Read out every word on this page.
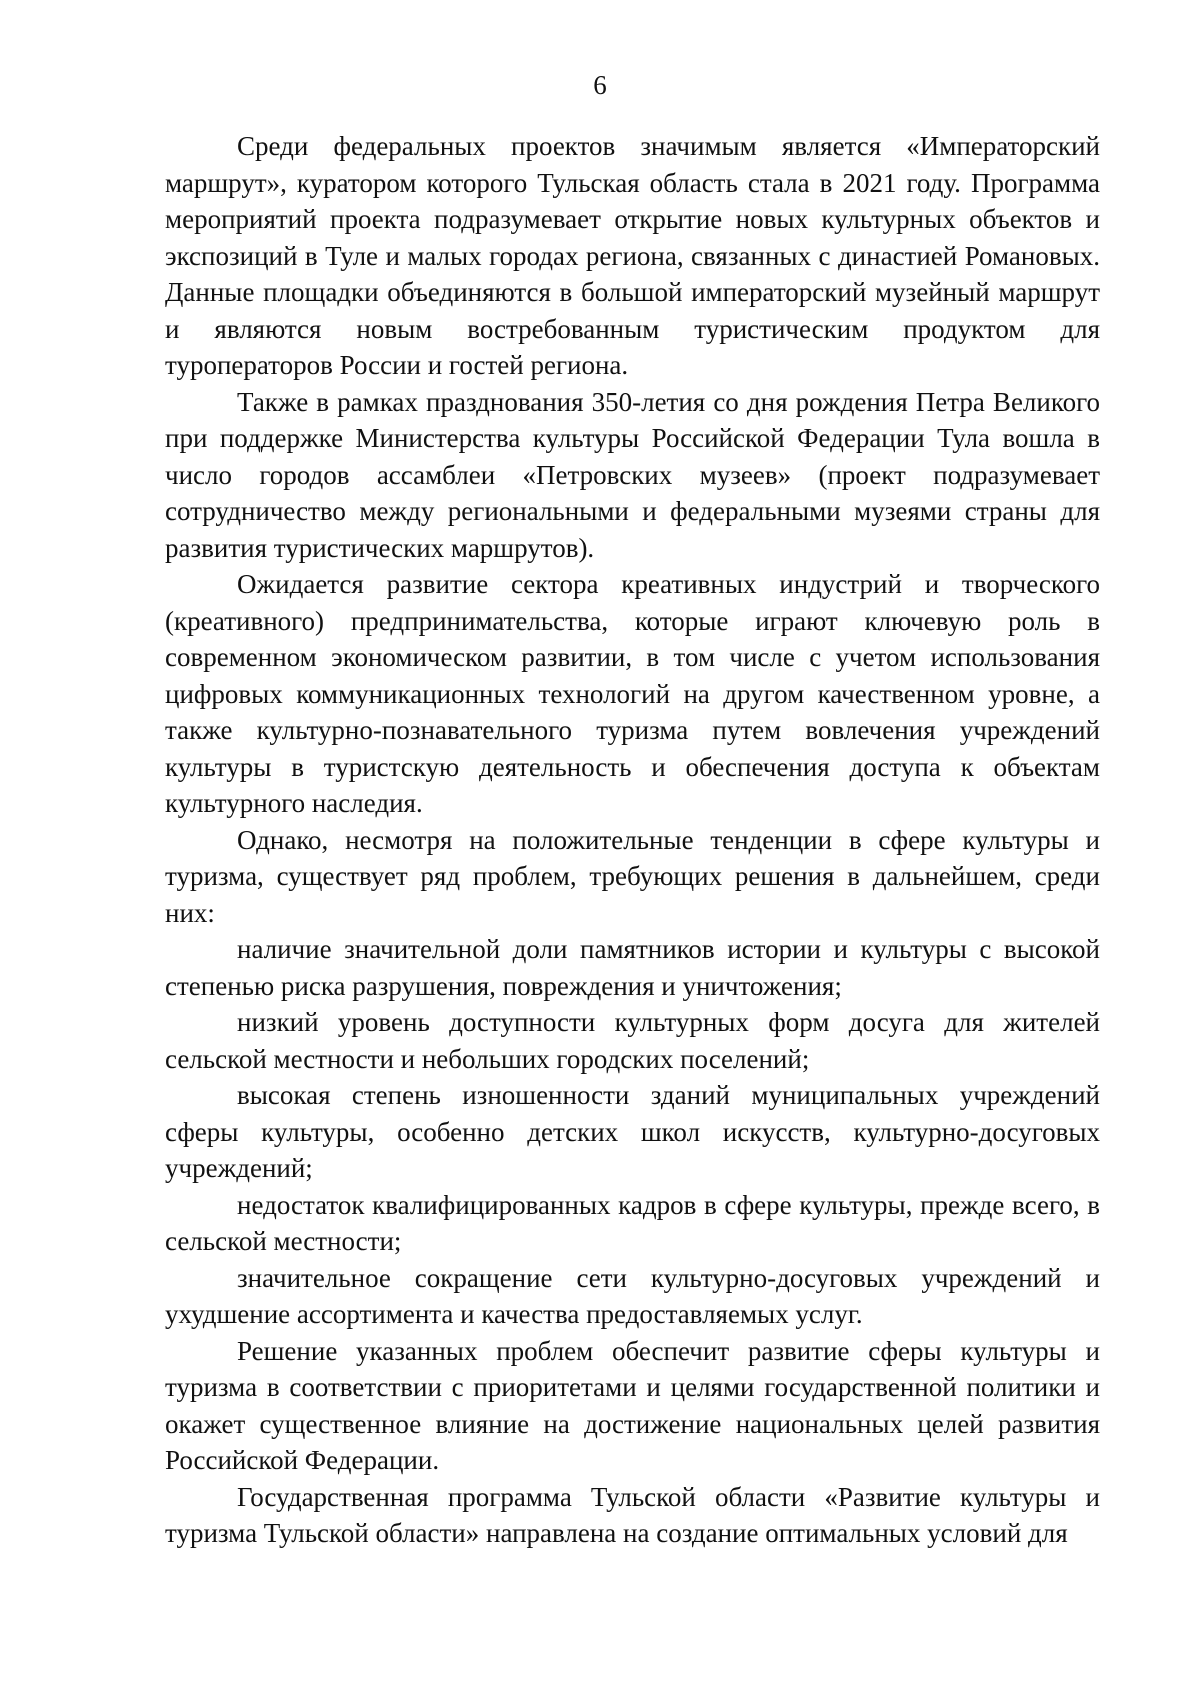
6

Среди федеральных проектов значимым является «Императорский маршрут», куратором которого Тульская область стала в 2021 году. Программа мероприятий проекта подразумевает открытие новых культурных объектов и экспозиций в Туле и малых городах региона, связанных с династией Романовых. Данные площадки объединяются в большой императорский музейный маршрут и являются новым востребованным туристическим продуктом для туроператоров России и гостей региона.

Также в рамках празднования 350-летия со дня рождения Петра Великого при поддержке Министерства культуры Российской Федерации Тула вошла в число городов ассамблеи «Петровских музеев» (проект подразумевает сотрудничество между региональными и федеральными музеями страны для развития туристических маршрутов).

Ожидается развитие сектора креативных индустрий и творческого (креативного) предпринимательства, которые играют ключевую роль в современном экономическом развитии, в том числе с учетом использования цифровых коммуникационных технологий на другом качественном уровне, а также культурно-познавательного туризма путем вовлечения учреждений культуры в туристскую деятельность и обеспечения доступа к объектам культурного наследия.

Однако, несмотря на положительные тенденции в сфере культуры и туризма, существует ряд проблем, требующих решения в дальнейшем, среди них:

наличие значительной доли памятников истории и культуры с высокой степенью риска разрушения, повреждения и уничтожения;

низкий уровень доступности культурных форм досуга для жителей сельской местности и небольших городских поселений;

высокая степень изношенности зданий муниципальных учреждений сферы культуры, особенно детских школ искусств, культурно-досуговых учреждений;

недостаток квалифицированных кадров в сфере культуры, прежде всего, в сельской местности;

значительное сокращение сети культурно-досуговых учреждений и ухудшение ассортимента и качества предоставляемых услуг.

Решение указанных проблем обеспечит развитие сферы культуры и туризма в соответствии с приоритетами и целями государственной политики и окажет существенное влияние на достижение национальных целей развития Российской Федерации.

Государственная программа Тульской области «Развитие культуры и туризма Тульской области» направлена на создание оптимальных условий для
